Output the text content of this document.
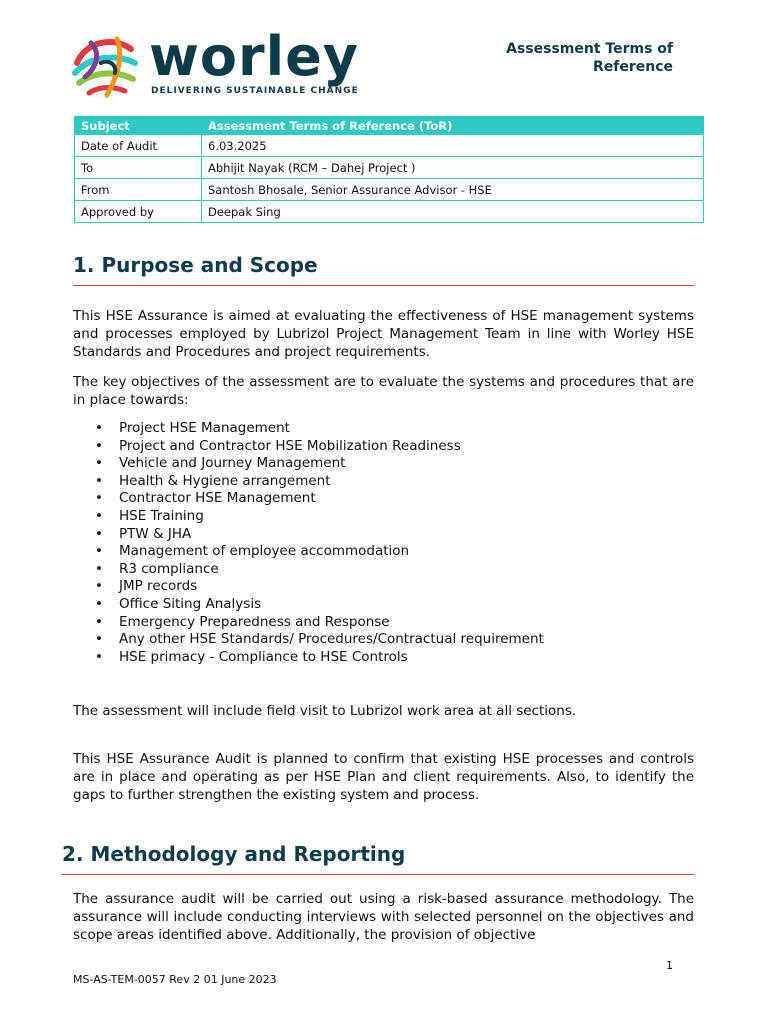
worley
DELIVERING SUSTAINABLE CHANGE
Assessment Terms of
Reference
Subject	Assessment Terms of Reference (ToR)
Date of Audit	6.03.2025
To	Abhijit Nayak (RCM – Dahej Project )
From	Santosh Bhosale, Senior Assurance Advisor - HSE
Approved by	Deepak Sing
1. Purpose and Scope

This HSE Assurance is aimed at evaluating the effectiveness of HSE management systems and processes employed by Lubrizol Project Management Team in line with Worley HSE Standards and Procedures and project requirements.

The key objectives of the assessment are to evaluate the systems and procedures that are in place towards:

• Project HSE Management
• Project and Contractor HSE Mobilization Readiness
• Vehicle and Journey Management
• Health & Hygiene arrangement
• Contractor HSE Management
• HSE Training
• PTW & JHA
• Management of employee accommodation
• R3 compliance
• JMP records
• Office Siting Analysis
• Emergency Preparedness and Response
• Any other HSE Standards/ Procedures/Contractual requirement
• HSE primacy - Compliance to HSE Controls

The assessment will include field visit to Lubrizol work area at all sections.

This HSE Assurance Audit is planned to confirm that existing HSE processes and controls are in place and operating as per HSE Plan and client requirements. Also, to identify the gaps to further strengthen the existing system and process.

2. Methodology and Reporting

The assurance audit will be carried out using a risk-based assurance methodology. The assurance will include conducting interviews with selected personnel on the objectives and scope areas identified above. Additionally, the provision of objective

1
MS-AS-TEM-0057 Rev 2 01 June 2023
